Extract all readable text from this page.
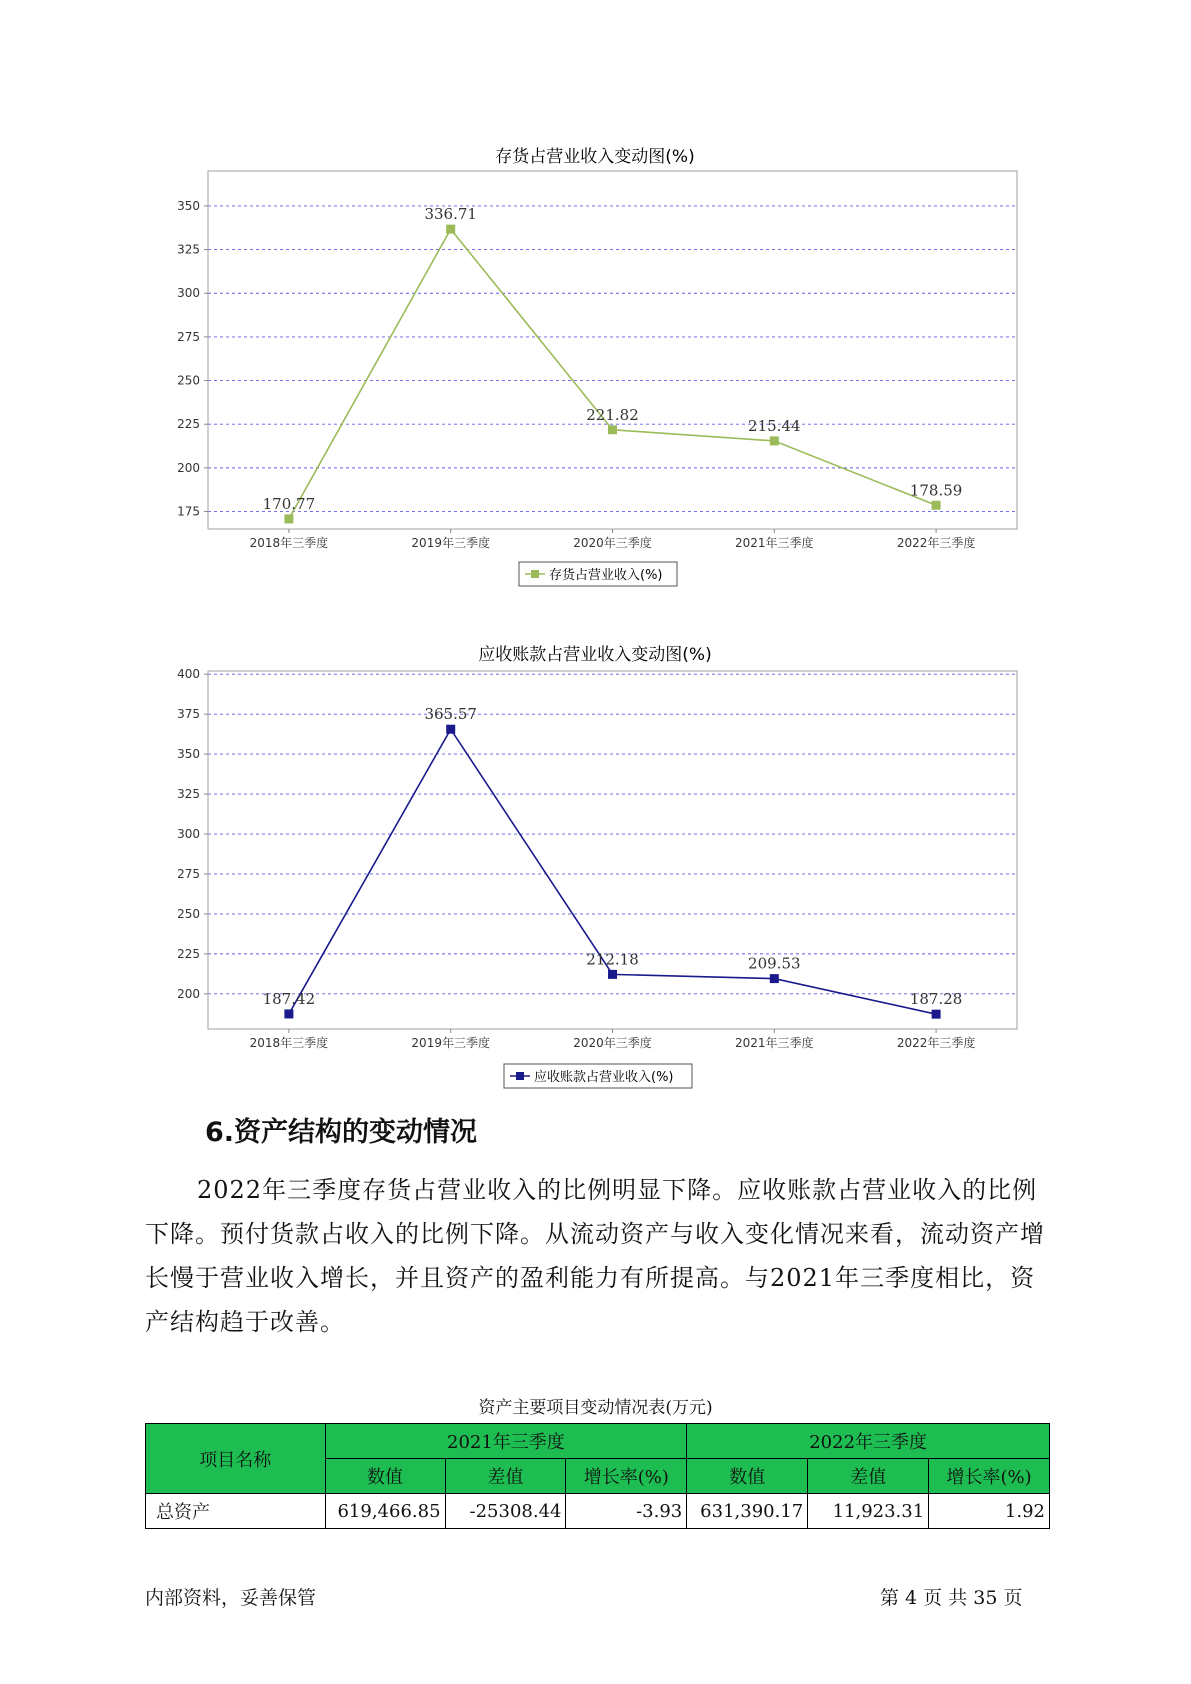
存货占营业收入变动图(%)
175
200
225
250
275
300
325
350
2018年三季度	2019年三季度	2020年三季度	2021年三季度	2022年三季度
170.77
336.71
221.82
215.44
178.59
存货占营业收入(%)
应收账款占营业收入变动图(%)
200
225
250
275
300
325
350
375
400
2018年三季度	2019年三季度	2020年三季度	2021年三季度	2022年三季度
187.42
365.57
212.18	209.53
187.28
应收账款占营业收入(%)
6.资产结构的变动情况

2022年三季度存货占营业收入的比例明显下降。应收账款占营业收入的比例下降。预付货款占收入的比例下降。从流动资产与收入变化情况来看，流动资产增长慢于营业收入增长，并且资产的盈利能力有所提高。与2021年三季度相比，资产结构趋于改善。

资产主要项目变动情况表(万元)
项目名称	2021年三季度			2022年三季度		
	数值	差值	增长率(%)	数值	差值	增长率(%)
总资产	619,466.85	-25308.44	-3.93	631,390.17	11,923.31	1.92
内部资料，妥善保管	第 4 页 共 35 页
